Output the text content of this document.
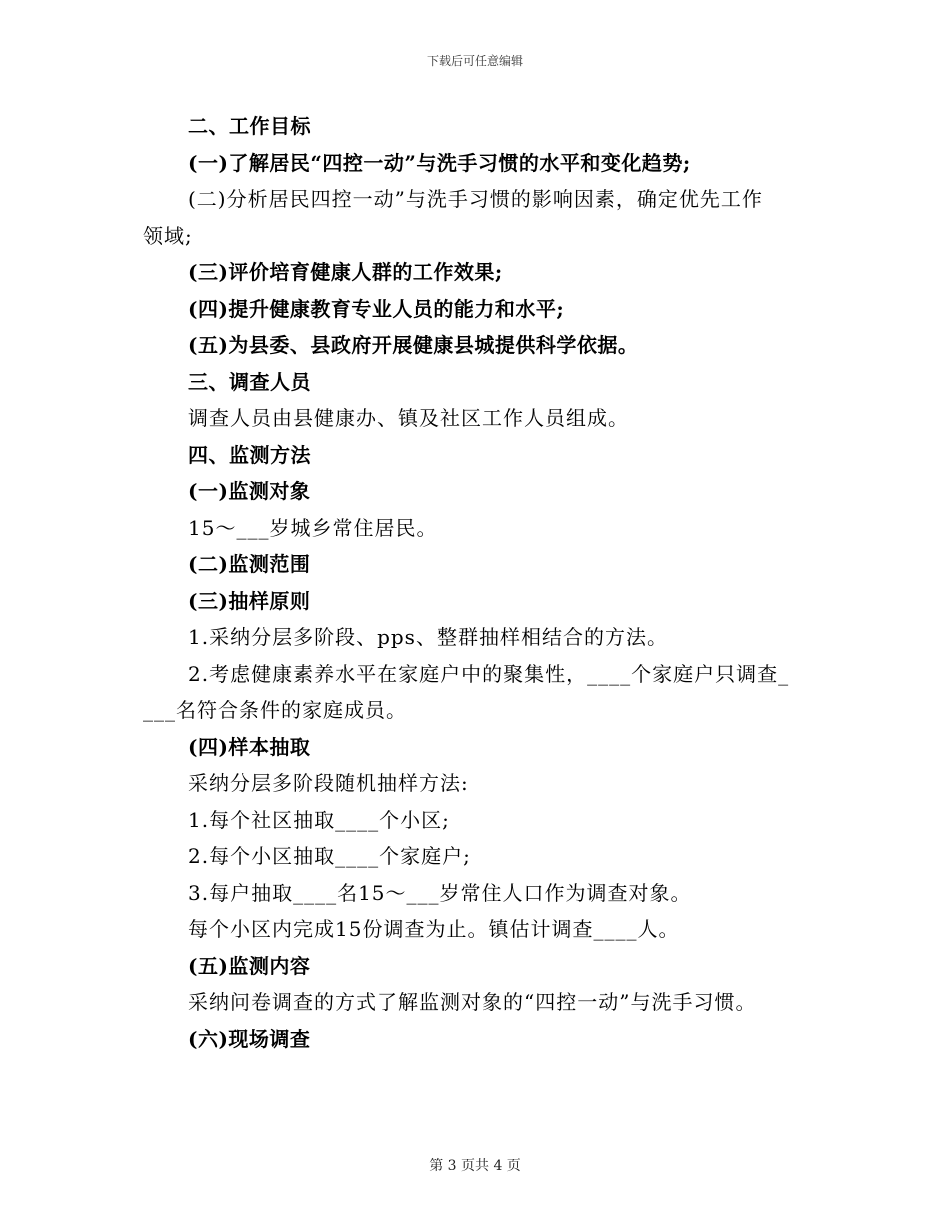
下载后可任意编辑
二、工作目标
(一)了解居民“四控一动”与洗手习惯的水平和变化趋势;
(二)分析居民四控一动”与洗手习惯的影响因素，确定优先工作
领域;
(三)评价培育健康人群的工作效果;
(四)提升健康教育专业人员的能力和水平;
(五)为县委、县政府开展健康县城提供科学依据。
三、调查人员
调查人员由县健康办、镇及社区工作人员组成。
四、监测方法
(一)监测对象
15～___岁城乡常住居民。
(二)监测范围
(三)抽样原则
1.采纳分层多阶段、pps、整群抽样相结合的方法。
2.考虑健康素养水平在家庭户中的聚集性，____个家庭户只调查_
___名符合条件的家庭成员。
(四)样本抽取
采纳分层多阶段随机抽样方法:
1.每个社区抽取____个小区;
2.每个小区抽取____个家庭户;
3.每户抽取____名15～___岁常住人口作为调查对象。
每个小区内完成15份调查为止。镇估计调查____人。
(五)监测内容
采纳问卷调查的方式了解监测对象的“四控一动”与洗手习惯。
(六)现场调查
第 3 页共 4 页
